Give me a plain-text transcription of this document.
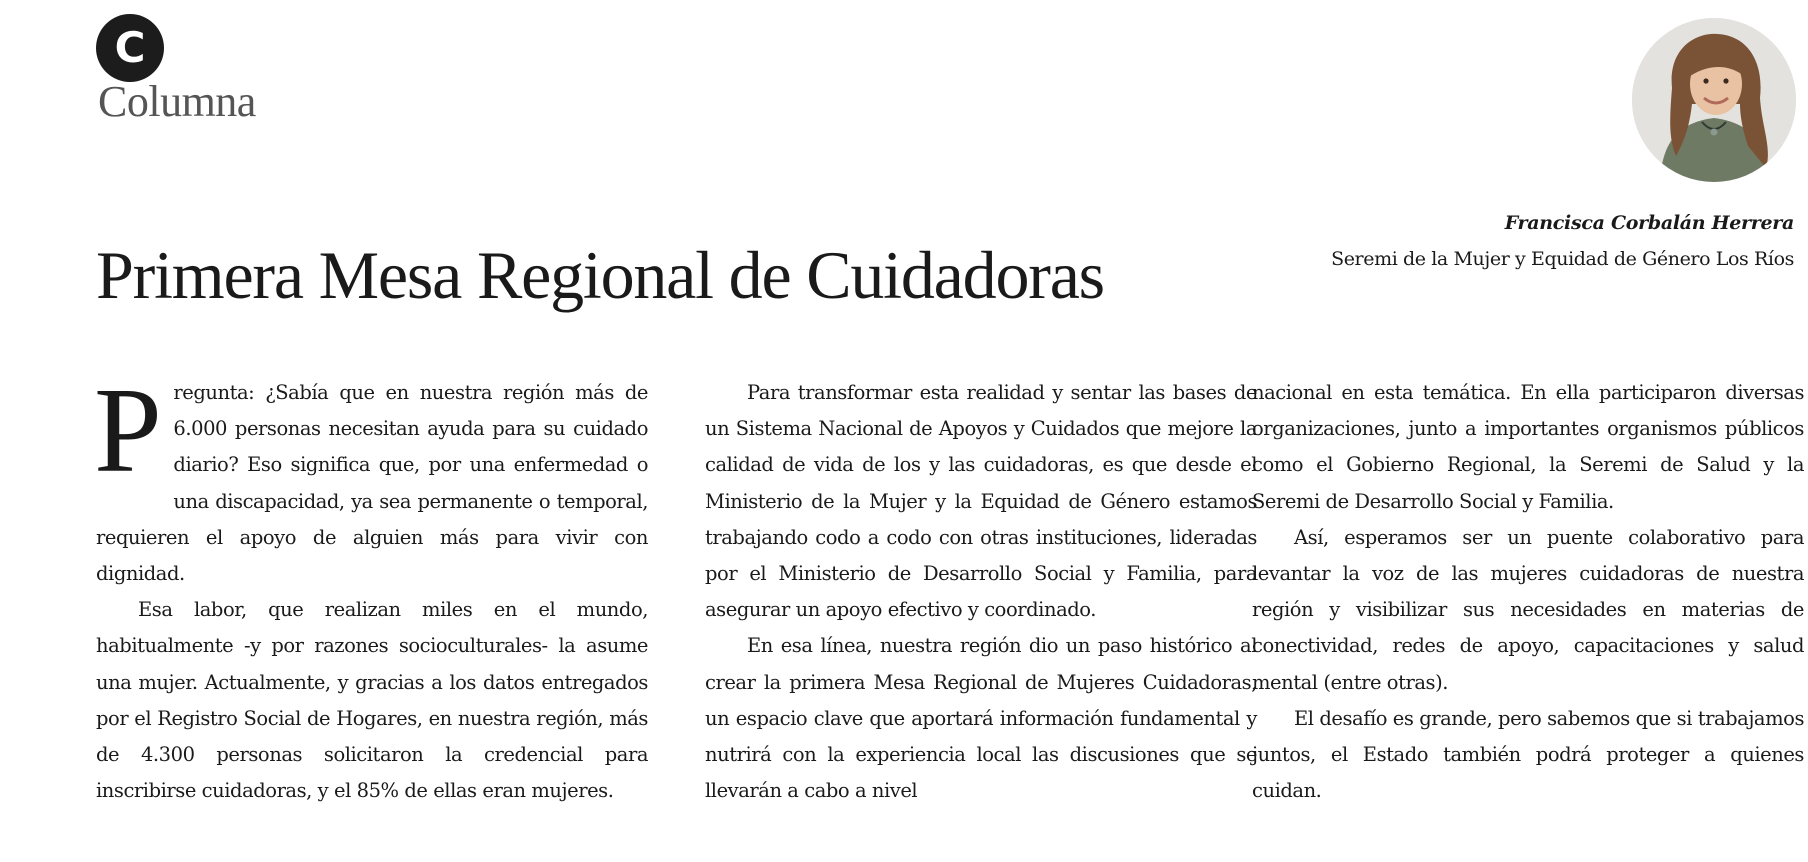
C
Columna
Primera Mesa Regional de Cuidadoras
Francisca Corbalán Herrera
Seremi de la Mujer y Equidad de Género Los Ríos

Pregunta: ¿Sabía que en nuestra región más de 6.000 personas necesitan ayuda para su cuidado diario? Eso significa que, por una enfermedad o una discapacidad, ya sea permanente o temporal, requieren el apoyo de alguien más para vivir con dignidad.

Esa labor, que realizan miles en el mundo, habitualmente -y por razones socioculturales- la asume una mujer. Actualmente, y gracias a los datos entregados por el Registro Social de Hogares, en nuestra región, más de 4.300 personas solicitaron la credencial para inscribirse cuidadoras, y el 85% de ellas eran mujeres.

Para transformar esta realidad y sentar las bases de un Sistema Nacional de Apoyos y Cuidados que mejore la calidad de vida de los y las cuidadoras, es que desde el Ministerio de la Mujer y la Equidad de Género estamos trabajando codo a codo con otras instituciones, lideradas por el Ministerio de Desarrollo Social y Familia, para asegurar un apoyo efectivo y coordinado.

En esa línea, nuestra región dio un paso histórico al crear la primera Mesa Regional de Mujeres Cuidadoras, un espacio clave que aportará información fundamental y nutrirá con la experiencia local las discusiones que se llevarán a cabo a nivel

nacional en esta temática. En ella participaron diversas organizaciones, junto a importantes organismos públicos como el Gobierno Regional, la Seremi de Salud y la Seremi de Desarrollo Social y Familia.

Así, esperamos ser un puente colaborativo para levantar la voz de las mujeres cuidadoras de nuestra región y visibilizar sus necesidades en materias de conectividad, redes de apoyo, capacitaciones y salud mental (entre otras).

El desafío es grande, pero sabemos que si trabajamos juntos, el Estado también podrá proteger a quienes cuidan.
